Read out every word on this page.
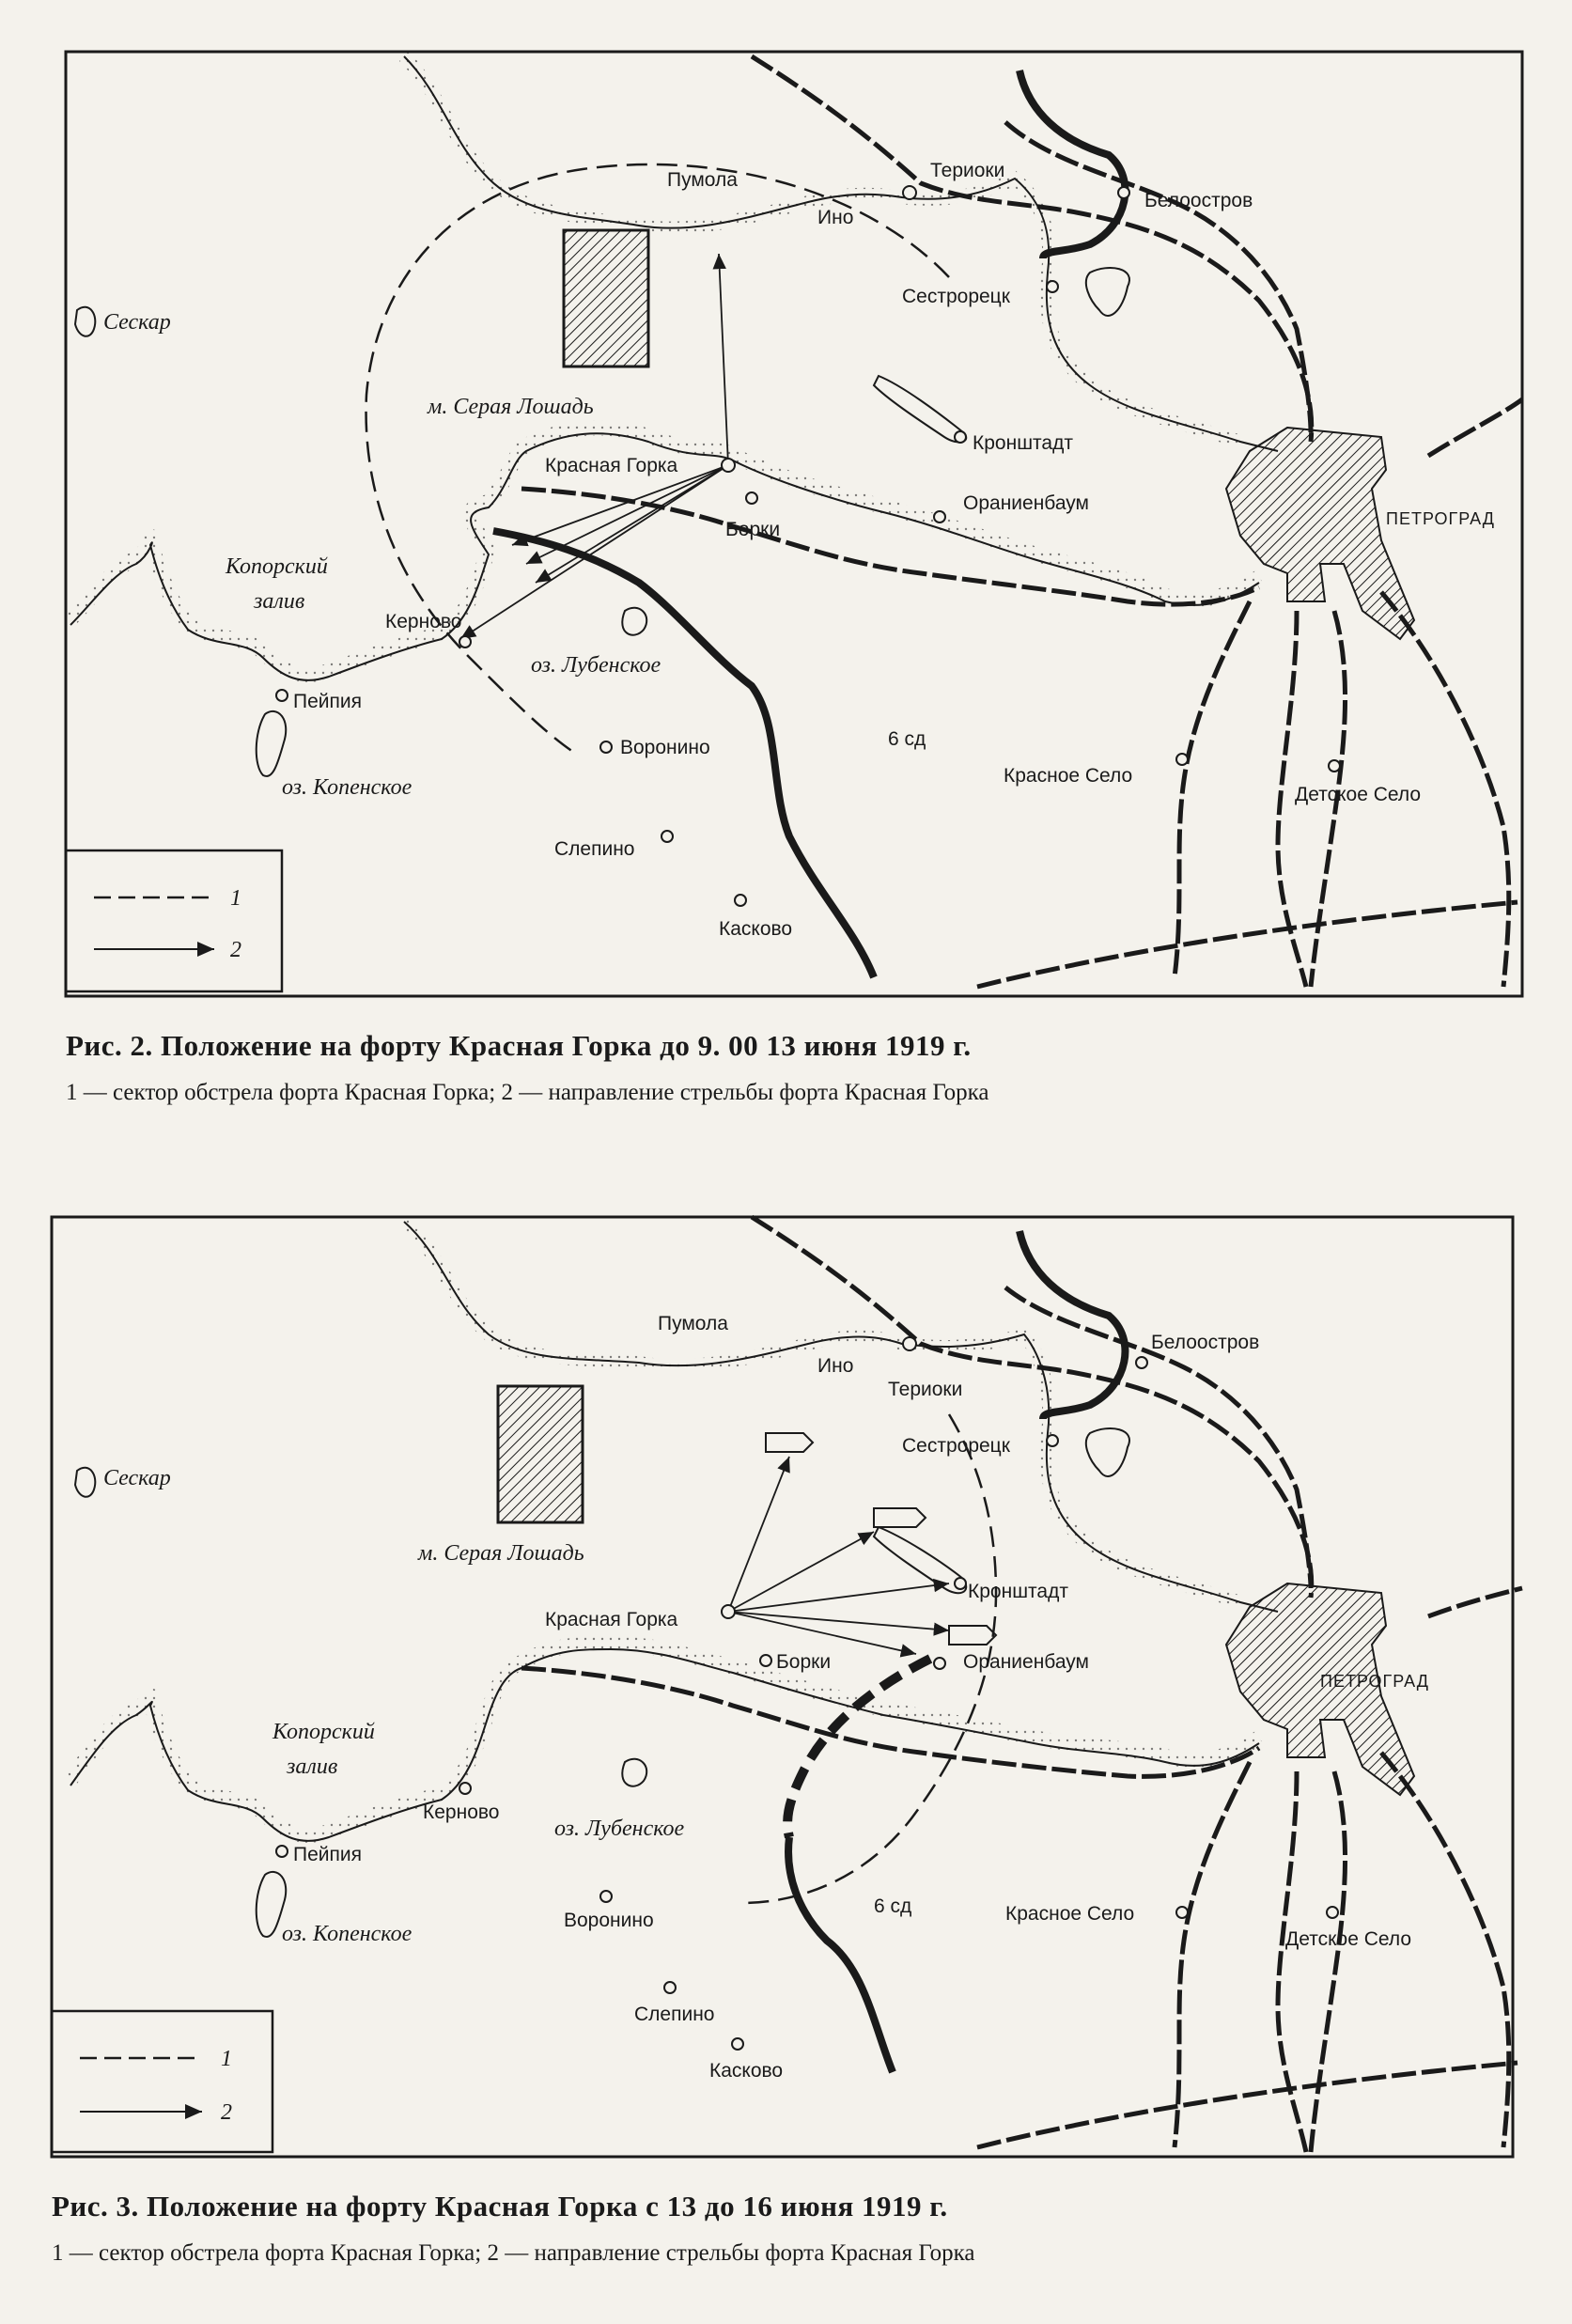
Сескар
Пумола
Ино
Териоки
Белоостров
Сестрорецк
м. Серая Лошадь
Кронштадт
Красная Горка
Борки
Ораниенбаум
ПЕТРОГРАД
Копорский
залив
Керново
оз. Лубенское
Пейпия
оз. Копенское
Воронино	6 сд
Красное Село
Детское Село
Слепино
Касково
1
2
Сескар
Пумола
Ино
Териоки
Белоостров
Сестрорецк
м. Серая Лошадь
Кронштадт
Красная Горка
Борки	Ораниенбаум
ПЕТРОГРАД
Копорский
залив
Керново
оз. Лубенское
Пейпия
оз. Копенское
Воронино
6 сд	Красное Село
Детское Село
Слепино
Касково
1
2
Рис. 2. Положение на форту Красная Горка до 9. 00 13 июня 1919 г.
1 — сектор обстрела форта Красная Горка; 2 — направление стрельбы форта Красная Горка
Рис. 3. Положение на форту Красная Горка с 13 до 16 июня 1919 г.
1 — сектор обстрела форта Красная Горка; 2 — направление стрельбы форта Красная Горка
